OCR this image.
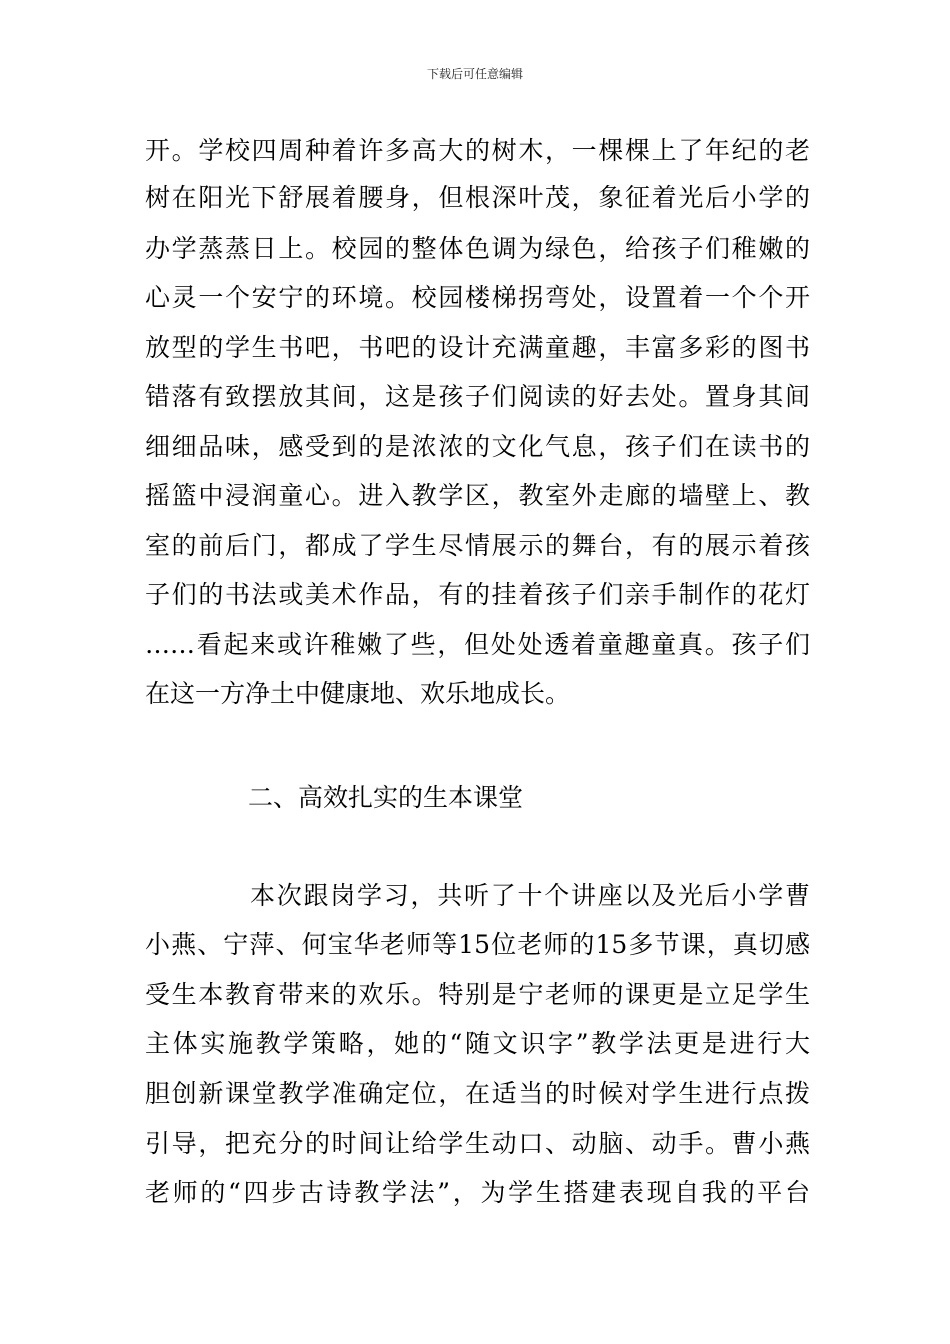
下载后可任意编辑
开。学校四周种着许多高大的树木，一棵棵上了年纪的老
树在阳光下舒展着腰身，但根深叶茂，象征着光后小学的
办学蒸蒸日上。校园的整体色调为绿色，给孩子们稚嫩的
心灵一个安宁的环境。校园楼梯拐弯处，设置着一个个开
放型的学生书吧，书吧的设计充满童趣，丰富多彩的图书
错落有致摆放其间，这是孩子们阅读的好去处。置身其间
细细品味，感受到的是浓浓的文化气息，孩子们在读书的
摇篮中浸润童心。进入教学区，教室外走廊的墙壁上、教
室的前后门，都成了学生尽情展示的舞台，有的展示着孩
子们的书法或美术作品，有的挂着孩子们亲手制作的花灯
……看起来或许稚嫩了些，但处处透着童趣童真。孩子们
在这一方净土中健康地、欢乐地成长。
二、高效扎实的生本课堂
本次跟岗学习，共听了十个讲座以及光后小学曹
小燕、宁萍、何宝华老师等15位老师的15多节课，真切感
受生本教育带来的欢乐。特别是宁老师的课更是立足学生
主体实施教学策略，她的“随文识字”教学法更是进行大
胆创新课堂教学准确定位，在适当的时候对学生进行点拨
引导，把充分的时间让给学生动口、动脑、动手。曹小燕
老师的“四步古诗教学法”，为学生搭建表现自我的平台
